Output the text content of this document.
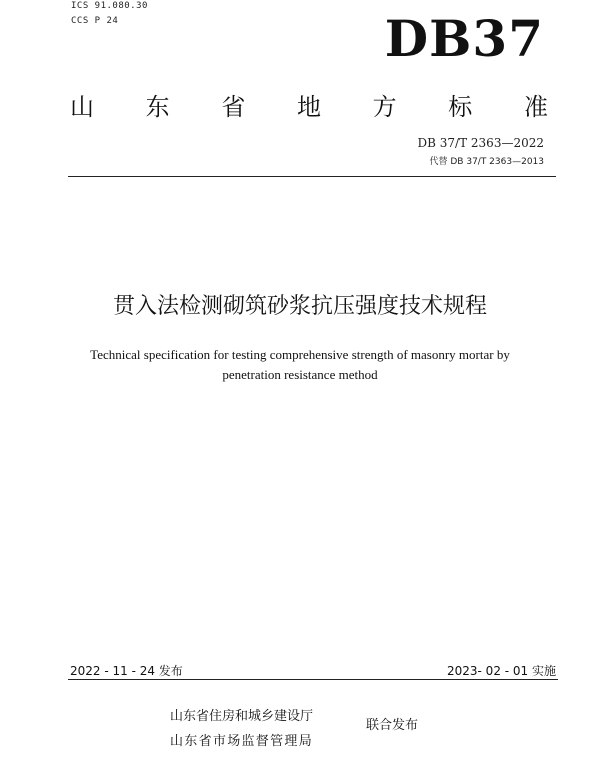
ICS 91.080.30
CCS P 24	DB37
山 东 省 地 方 标 准
DB 37/T 2363—2022
代替 DB 37/T 2363—2013
贯入法检测砌筑砂浆抗压强度技术规程
Technical specification for testing comprehensive strength of masonry mortar by
penetration resistance method
2022 - 11 - 24 发布	2023- 02 - 01 实施
山东省住房和城乡建设厅
山东省市场监督管理局
联合发布
